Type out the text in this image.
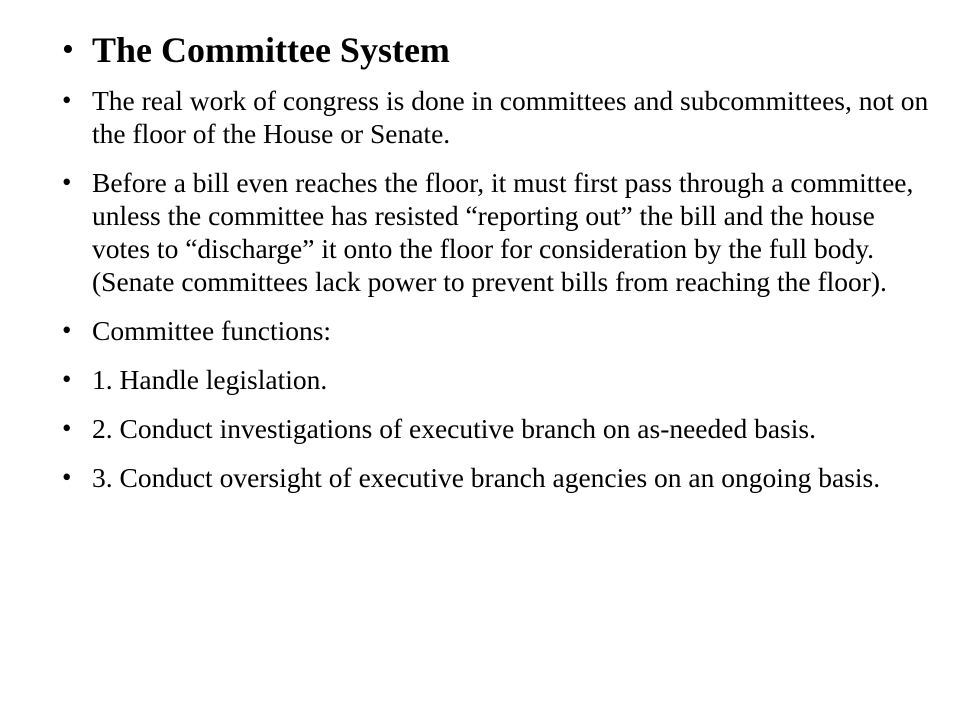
• The Committee System
• The real work of congress is done in committees and subcommittees, not on the floor of the House or Senate.
• Before a bill even reaches the floor, it must first pass through a committee, unless the committee has resisted “reporting out” the bill and the house votes to “discharge” it onto the floor for consideration by the full body. (Senate committees lack power to prevent bills from reaching the floor).
• Committee functions:
• 1. Handle legislation.
• 2. Conduct investigations of executive branch on as-needed basis.
• 3. Conduct oversight of executive branch agencies on an ongoing basis.
